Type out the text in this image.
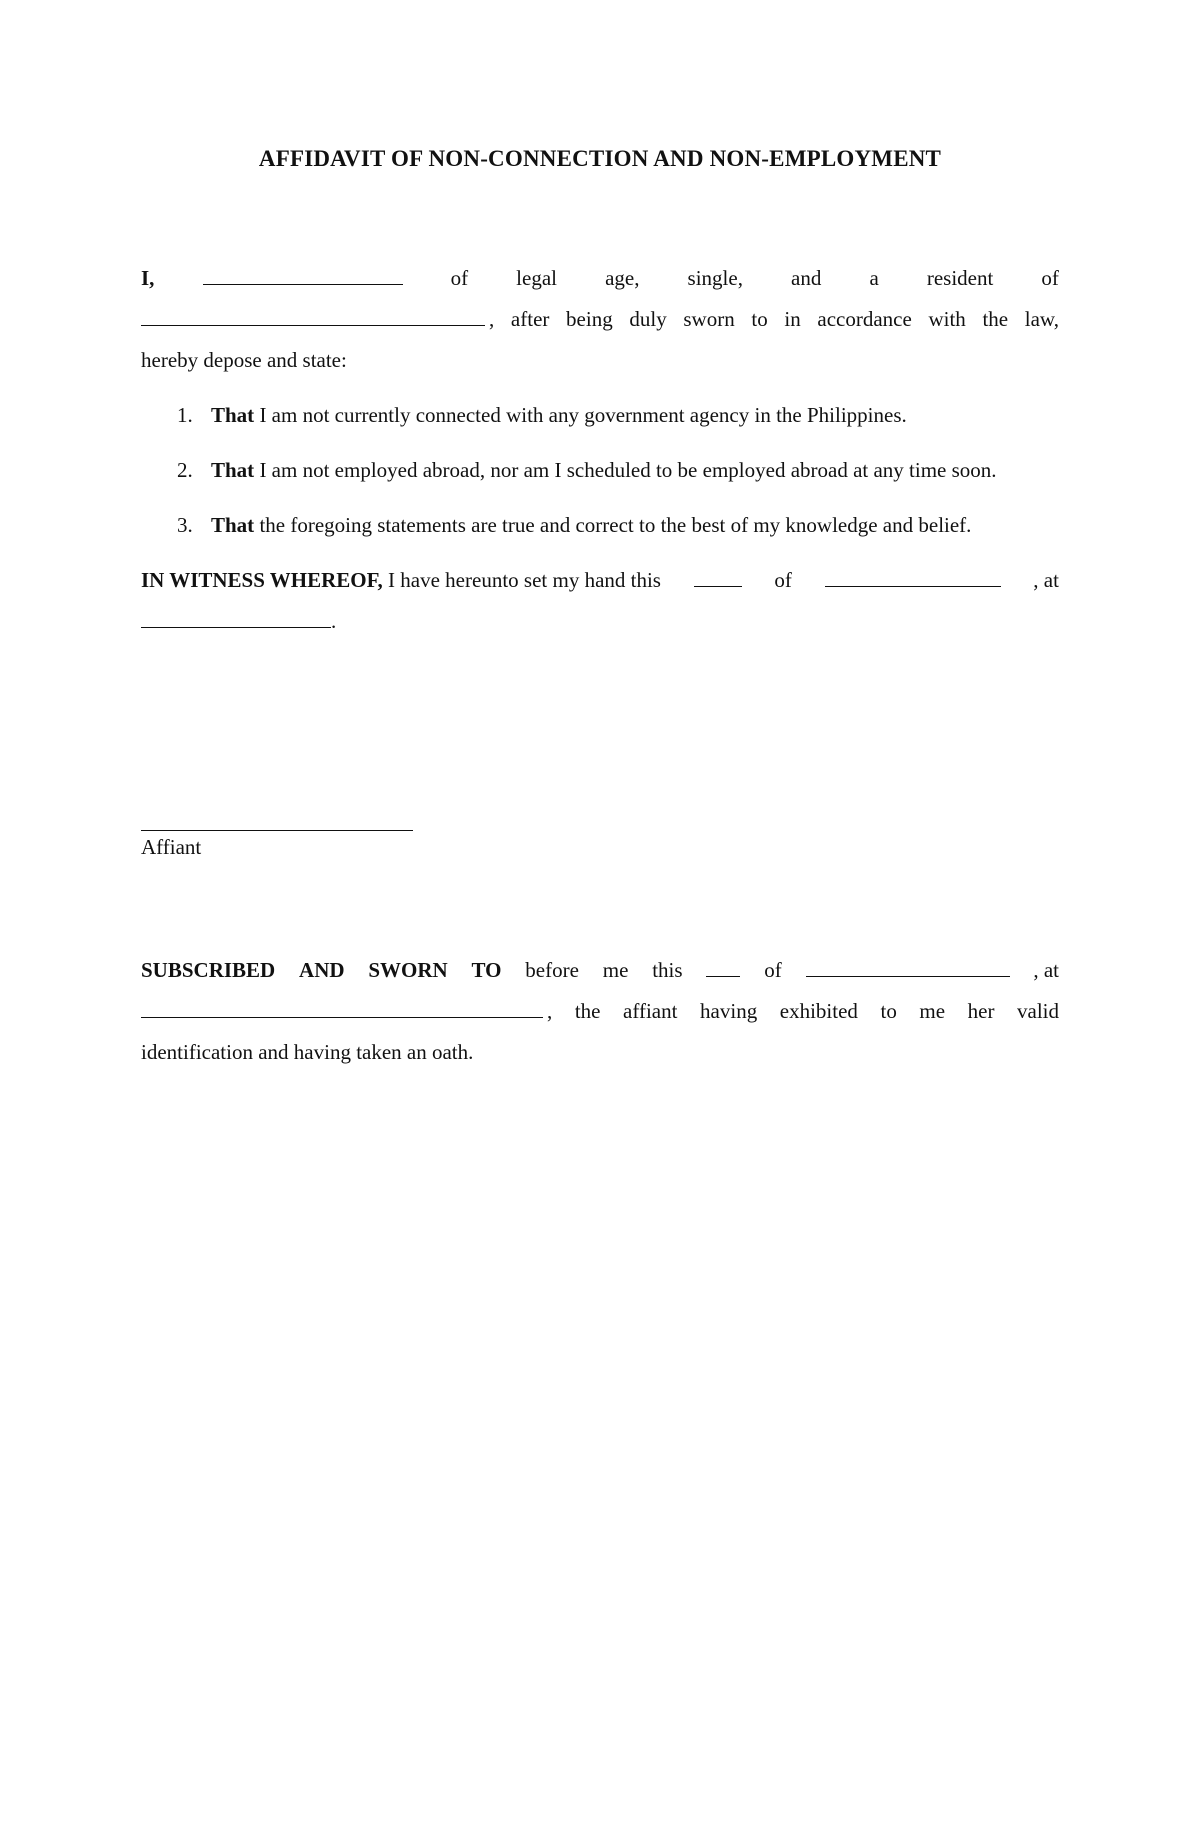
AFFIDAVIT OF NON-CONNECTION AND NON-EMPLOYMENT
I,	of legal age, single, and a resident of
, after being duly sworn to in accordance with the law,

hereby depose and state:

1. That I am not currently connected with any government agency in the Philippines.
2. That I am not employed abroad, nor am I scheduled to be employed abroad at any time soon.
3. That the foregoing statements are true and correct to the best of my knowledge and belief.
IN WITNESS WHEREOF, I have hereunto set my hand this	of	, at
.
Affiant
SUBSCRIBED AND SWORN TO before me this	of	, at
, the affiant having exhibited to me her valid

identification and having taken an oath.
